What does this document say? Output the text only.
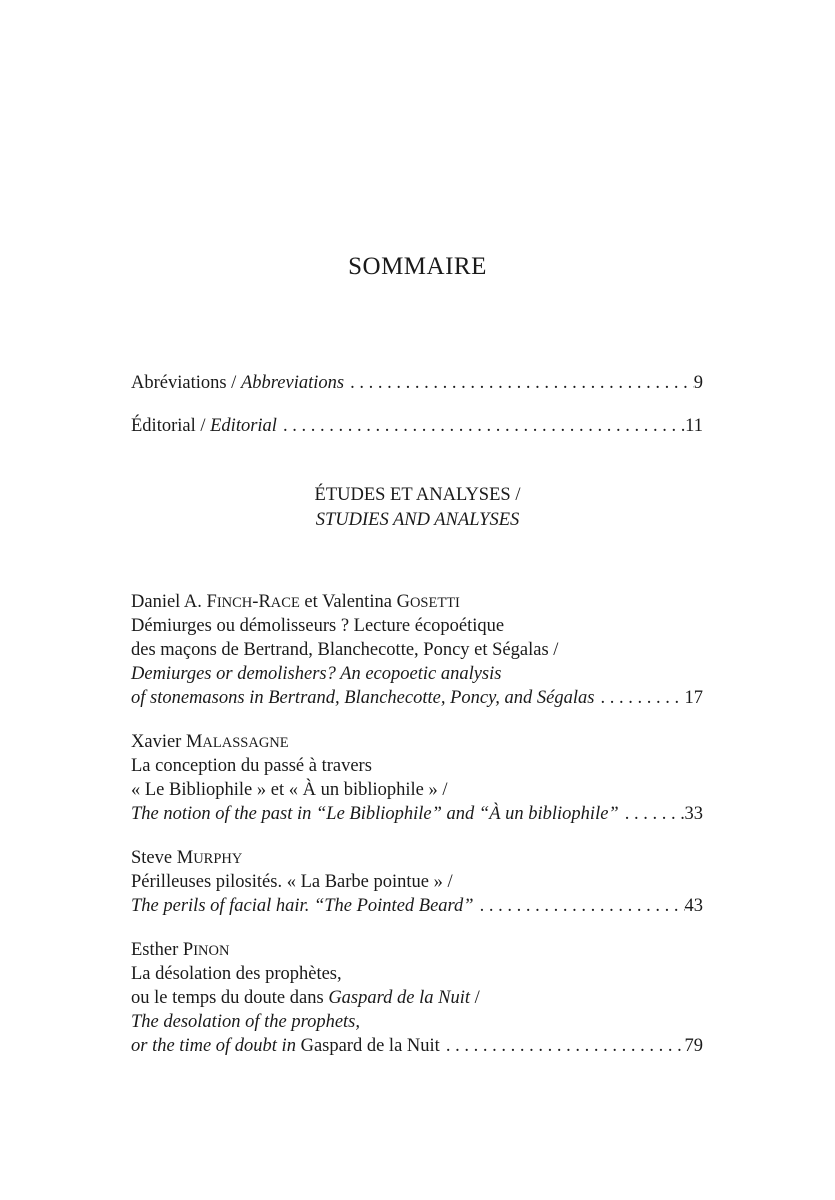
SOMMAIRE
Abréviations / Abbreviations . . .	9
Éditorial / Editorial . . .	11
ÉTUDES ET ANALYSES /
STUDIES AND ANALYSES
Daniel A. FINCH-RACE et Valentina GOSETTI
Démiurges ou démolisseurs ? Lecture écopoétique
des maçons de Bertrand, Blanchecotte, Poncy et Ségalas /
Demiurges or demolishers? An ecopoetic analysis
of stonemasons in Bertrand, Blanchecotte, Poncy, and Ségalas . . .	17
Xavier MALASSAGNE
La conception du passé à travers
« Le Bibliophile » et « À un bibliophile » /
The notion of the past in “Le Bibliophile” and “À un bibliophile” . . .	33
Steve MURPHY
Périlleuses pilosités. « La Barbe pointue » /
The perils of facial hair. “The Pointed Beard” . . .	43
Esther PINON
La désolation des prophètes,
ou le temps du doute dans Gaspard de la Nuit /
The desolation of the prophets,
or the time of doubt in Gaspard de la Nuit . . .	79
